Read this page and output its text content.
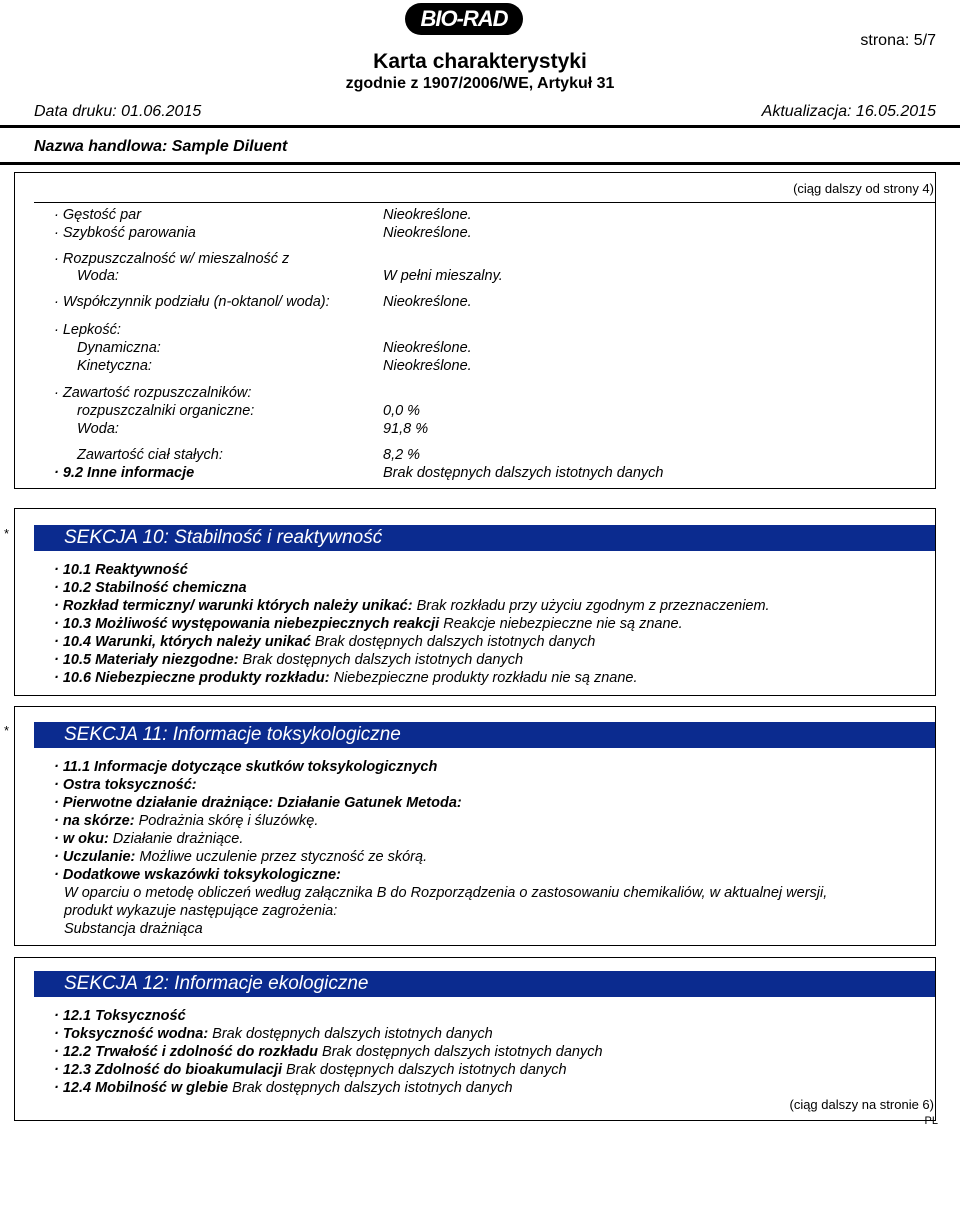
BIO-RAD
strona: 5/7
Karta charakterystyki
zgodnie z 1907/2006/WE, Artykuł 31
Data druku: 01.06.2015	Aktualizacja: 16.05.2015
Nazwa handlowa: Sample Diluent
(ciąg dalszy od strony 4)
· Gęstość par	Nieokreślone.
· Szybkość parowania	Nieokreślone.
· Rozpuszczalność w/ mieszalność z
Woda:	W pełni mieszalny.
· Współczynnik podziału (n-oktanol/ woda):	Nieokreślone.
· Lepkość:
Dynamiczna:	Nieokreślone.
Kinetyczna:	Nieokreślone.
· Zawartość rozpuszczalników:
rozpuszczalniki organiczne:	0,0 %
Woda:	91,8 %
Zawartość ciał stałych:	8,2 %
· 9.2 Inne informacje	Brak dostępnych dalszych istotnych danych
*	SEKCJA 10: Stabilność i reaktywność
· 10.1 Reaktywność
· 10.2 Stabilność chemiczna
· Rozkład termiczny/ warunki których należy unikać: Brak rozkładu przy użyciu zgodnym z przeznaczeniem.
· 10.3 Możliwość występowania niebezpiecznych reakcji Reakcje niebezpieczne nie są znane.
· 10.4 Warunki, których należy unikać Brak dostępnych dalszych istotnych danych
· 10.5 Materiały niezgodne: Brak dostępnych dalszych istotnych danych
· 10.6 Niebezpieczne produkty rozkładu: Niebezpieczne produkty rozkładu nie są znane.
*	SEKCJA 11: Informacje toksykologiczne
· 11.1 Informacje dotyczące skutków toksykologicznych
· Ostra toksyczność:
· Pierwotne działanie drażniące: Działanie Gatunek Metoda:
· na skórze: Podrażnia skórę i śluzówkę.
· w oku: Działanie drażniące.
· Uczulanie: Możliwe uczulenie przez styczność ze skórą.
· Dodatkowe wskazówki toksykologiczne:
W oparciu o metodę obliczeń według załącznika B do Rozporządzenia o zastosowaniu chemikaliów, w aktualnej wersji,
produkt wykazuje następujące zagrożenia:
Substancja drażniąca
SEKCJA 12: Informacje ekologiczne
· 12.1 Toksyczność
· Toksyczność wodna: Brak dostępnych dalszych istotnych danych
· 12.2 Trwałość i zdolność do rozkładu Brak dostępnych dalszych istotnych danych
· 12.3 Zdolność do bioakumulacji Brak dostępnych dalszych istotnych danych
· 12.4 Mobilność w glebie Brak dostępnych dalszych istotnych danych
(ciąg dalszy na stronie 6)
PL
